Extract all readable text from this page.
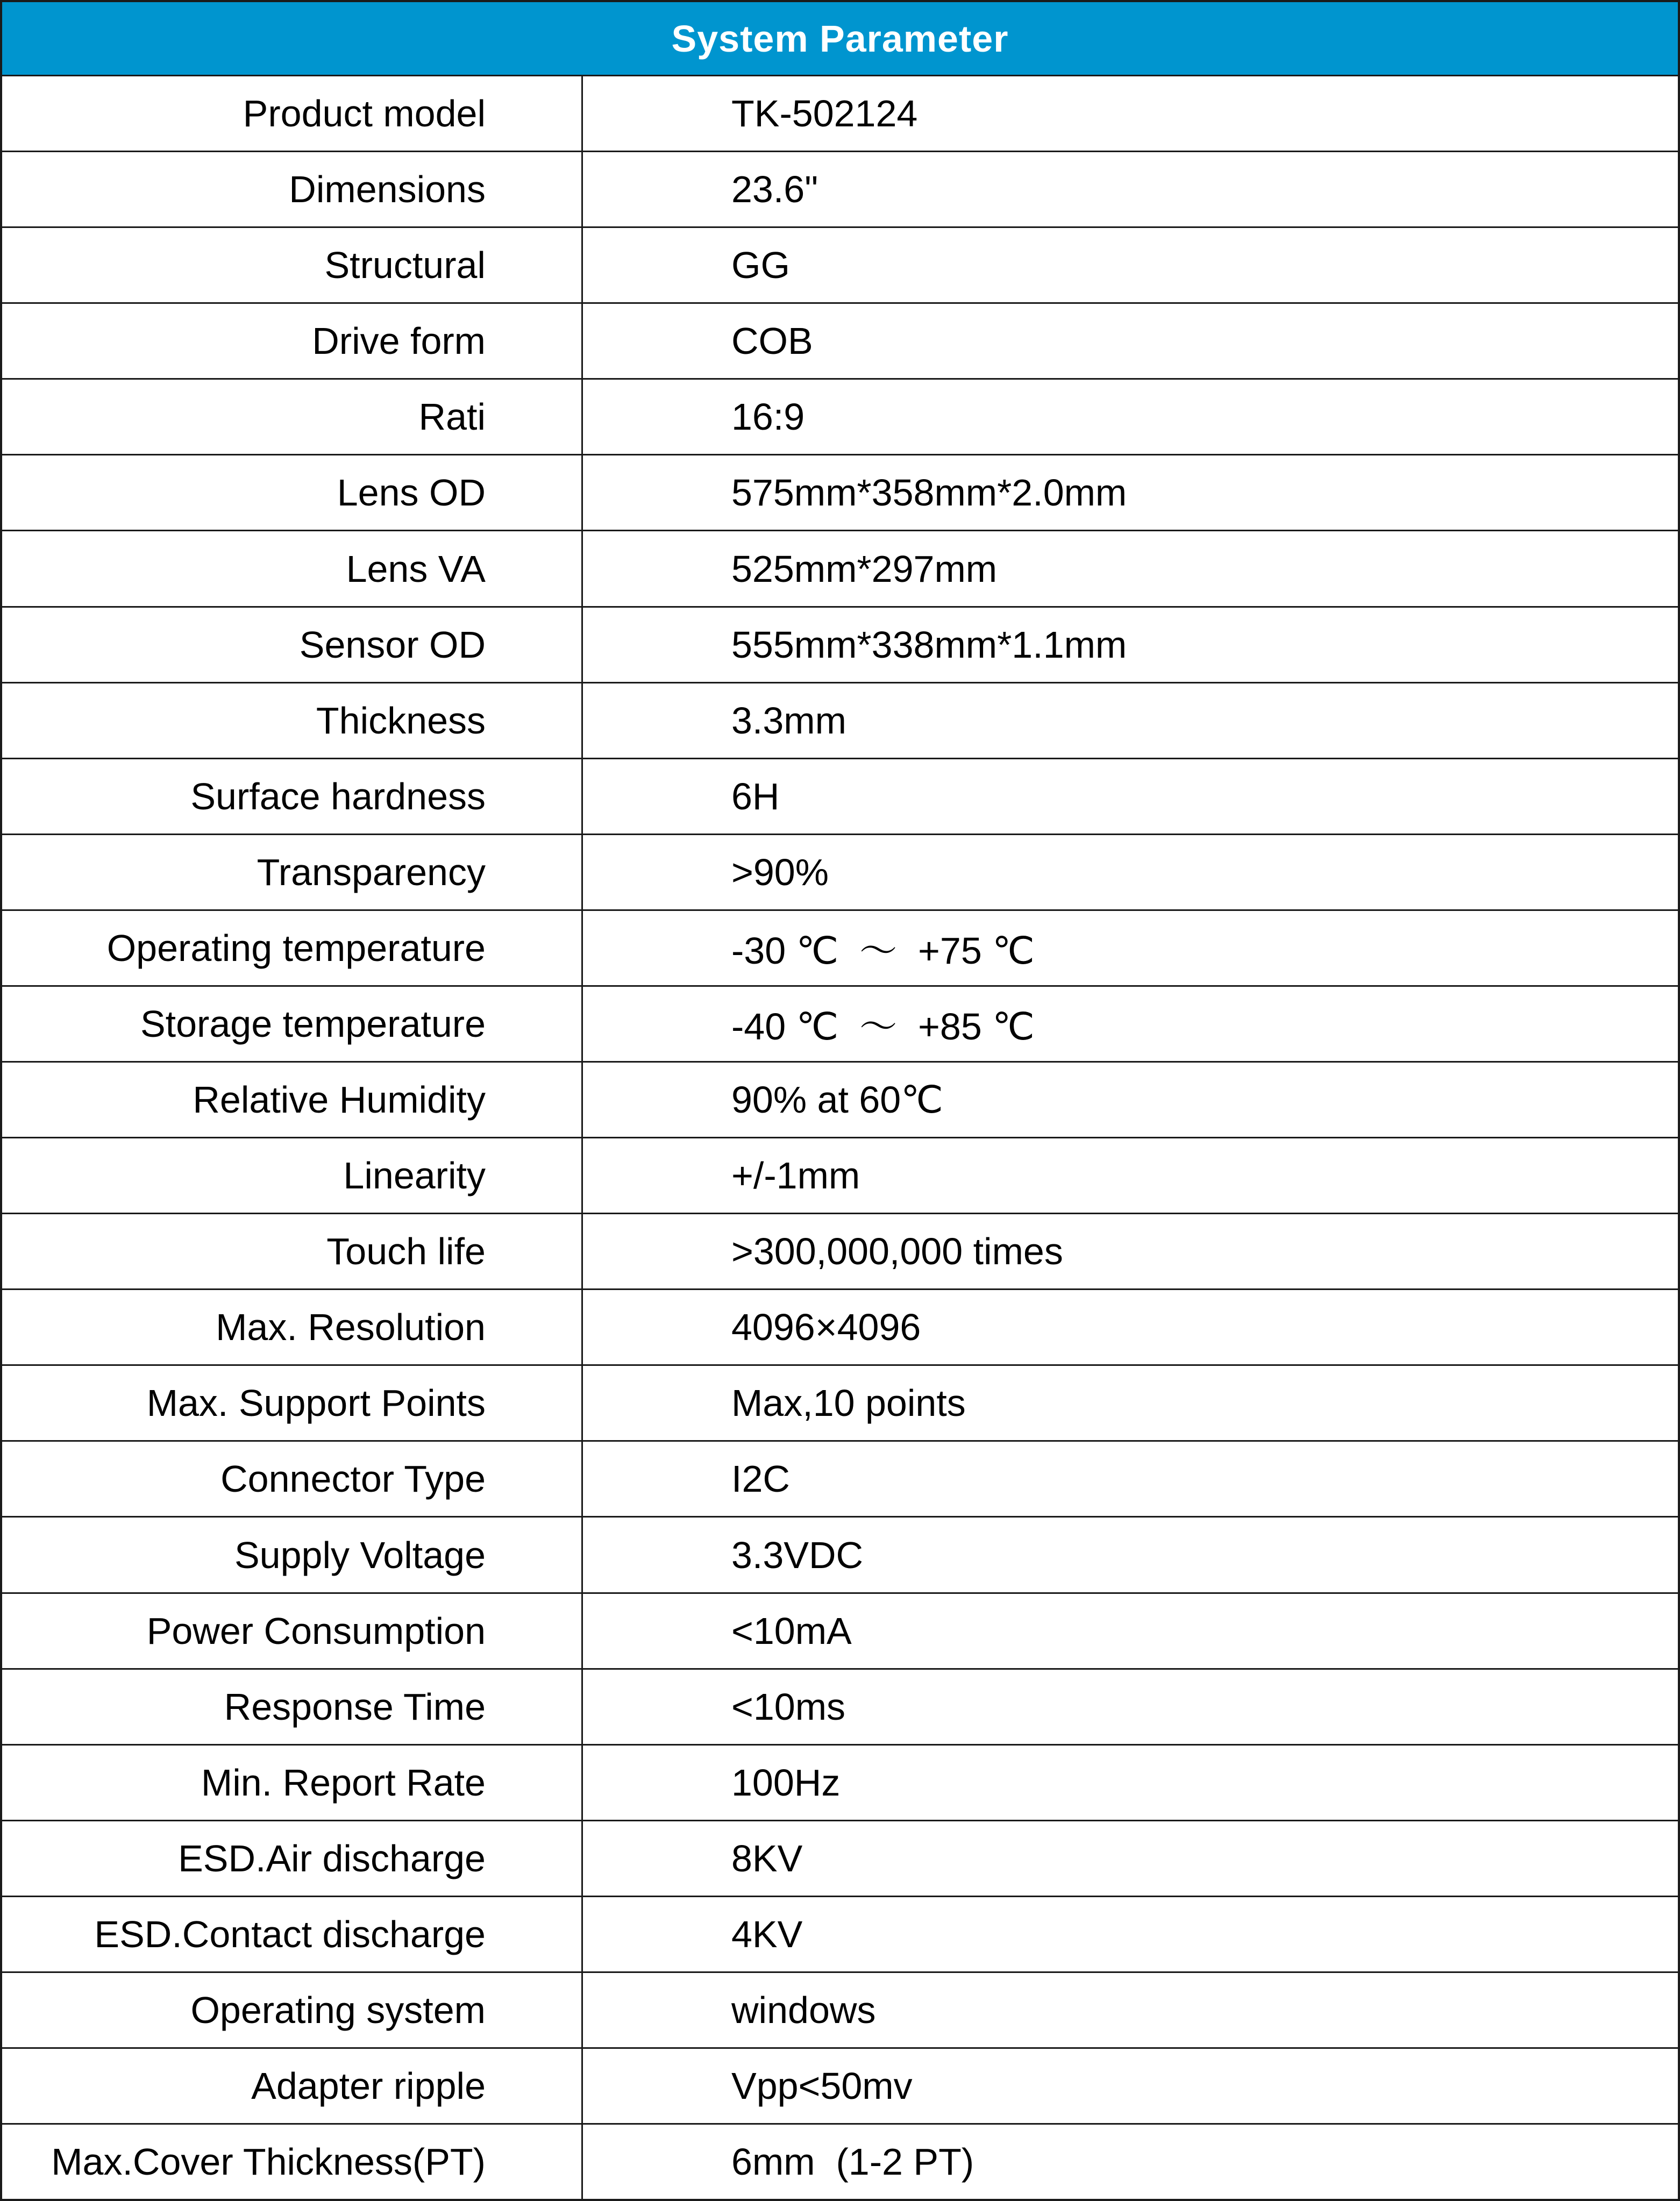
System Parameter
Product model	TK-502124
Dimensions	23.6"
Structural	GG
Drive form	COB
Rati	16:9
Lens OD	575mm*358mm*2.0mm
Lens VA	525mm*297mm
Sensor OD	555mm*338mm*1.1mm
Thickness	3.3mm
Surface hardness	6H
Transparency	>90%
Operating temperature	-30 ℃  ～  +75 ℃
Storage temperature	-40 ℃  ～  +85 ℃
Relative Humidity	90% at 60℃
Linearity	+/-1mm
Touch life	>300,000,000 times
Max. Resolution	4096×4096
Max. Support Points	Max,10 points
Connector Type	I2C
Supply Voltage	3.3VDC
Power Consumption	<10mA
Response Time	<10ms
Min. Report Rate	100Hz
ESD.Air discharge	8KV
ESD.Contact discharge	4KV
Operating system	windows
Adapter ripple	Vpp<50mv
Max.Cover Thickness(PT)	6mm  (1-2 PT)
